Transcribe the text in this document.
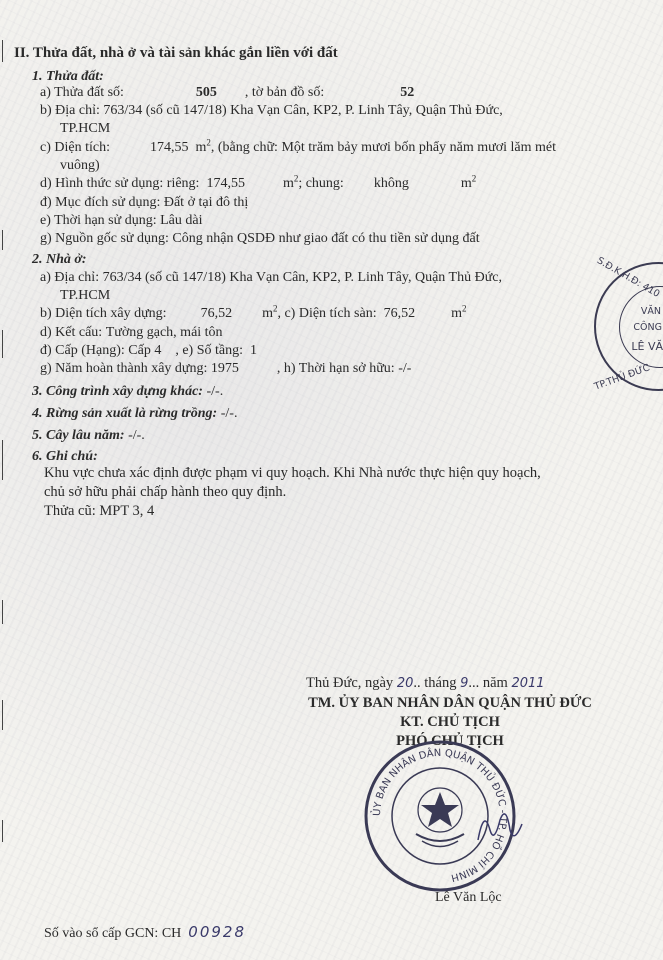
II. Thửa đất, nhà ở và tài sản khác gắn liền với đất
1. Thửa đất:
a) Thửa đất số:	505 , tờ bản đồ số:	52
b) Địa chỉ: 763/34 (số cũ 147/18) Kha Vạn Cân, KP2, P. Linh Tây, Quận Thủ Đức,
TP.HCM
c) Diện tích:	174,55 $m^2$, (bằng chữ: Một trăm bảy mươi bốn phẩy năm mươi lăm mét
vuông)
d) Hình thức sử dụng: riêng: 174,55	$m^2$; chung: không	$m^2$
đ) Mục đích sử dụng: Đất ở tại đô thị
e) Thời hạn sử dụng: Lâu dài
g) Nguồn gốc sử dụng: Công nhận QSDĐ như giao đất có thu tiền sử dụng đất
2. Nhà ở:
a) Địa chỉ: 763/34 (số cũ 147/18) Kha Vạn Cân, KP2, P. Linh Tây, Quận Thủ Đức,
TP.HCM
b) Diện tích xây dựng: 76,52 $m^2$, c) Diện tích sàn: 76,52	$m^2$
d) Kết cấu: Tường gạch, mái tôn
đ) Cấp (Hạng): Cấp 4 , e) Số tầng: 1
g) Năm hoàn thành xây dựng: 1975	, h) Thời hạn sở hữu: -/-
3. Công trình xây dựng khác: -/-.
4. Rừng sản xuất là rừng trồng: -/-.
5. Cây lâu năm: -/-.
6. Ghi chú:
Khu vực chưa xác định được phạm vi quy hoạch. Khi Nhà nước thực hiện quy hoạch,
chủ sở hữu phải chấp hành theo quy định.
Thửa cũ: MPT 3, 4
S.Đ.K.H.Đ: 410
VĂN
CÔNG
LÊ VĂ
TP.THỦ ĐỨC
Thủ Đức, ngày 20.. tháng 9... năm 2011
TM. ỦY BAN NHÂN DÂN QUẬN THỦ ĐỨC
KT. CHỦ TỊCH
PHÓ CHỦ TỊCH
ỦY BAN NHÂN DÂN QUẬN THỦ ĐỨC - TP. HỒ CHÍ MINH
Lê Văn Lộc
Số vào sổ cấp GCN: CH 00928
